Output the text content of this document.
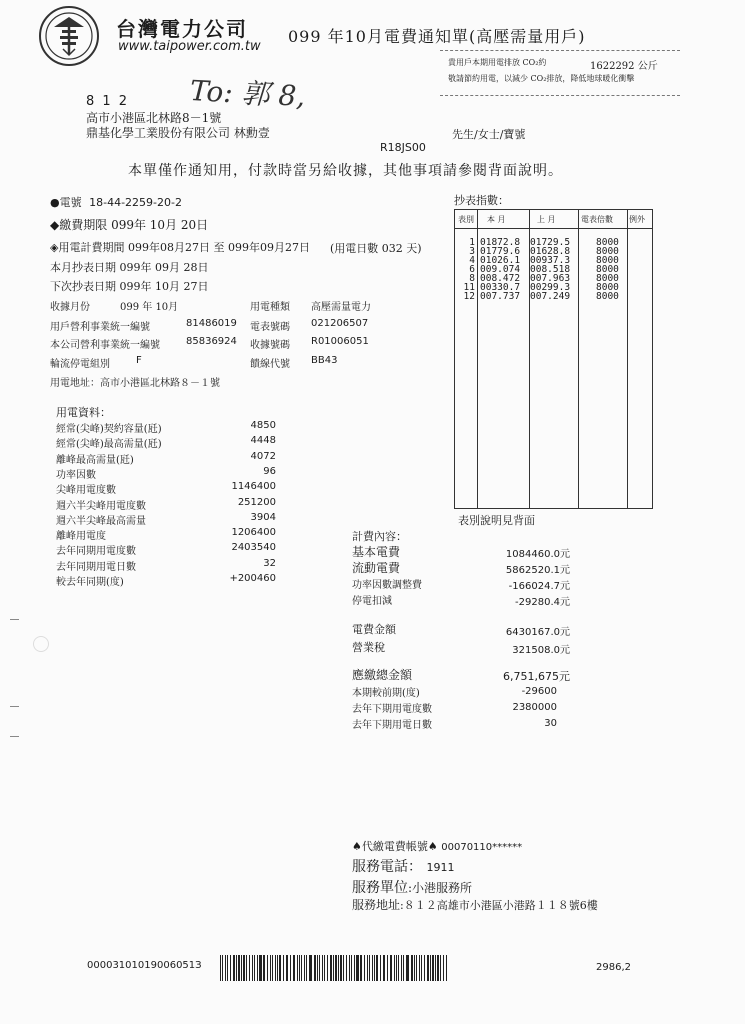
台灣電力公司
www.taipower.com.tw
099 年10月電費通知單(高壓需量用戶)
貴用戶本期用電排放 CO₂約	1622292 公斤
敬請節約用電，以減少 CO₂排放，降低地球暖化衝擊
To: 郭 8,
8 1 2
高市小港區北林路8－1號
鼎基化學工業股份有限公司 林勳壹	先生/女士/寶號
R18JS00
本單僅作通知用，付款時當另給收據，其他事項請參閱背面說明。
●電號 18-44-2259-20-2
◆繳費期限 099年 10月 20日
◈用電計費期間 099年08月27日 至 099年09月27日 (用電日數 032 天)
本月抄表日期 099年 09月 28日
下次抄表日期 099年 10月 27日
收據月份	099 年 10月	用電種類 高壓需量電力
用戶營利事業統一編號	81486019 電表號碼 021206507
本公司營利事業統一編號	85836924 收據號碼 R01006051
輪流停電組別	F	饋線代號 BB43
用電地址：高市小港區北林路８－１號
用電資料：
經常(尖峰)契約容量(瓩)	4850
經常(尖峰)最高需量(瓩)	4448
離峰最高需量(瓩)	4072
功率因數	96
尖峰用電度數	1146400
週六半尖峰用電度數	251200
週六半尖峰最高需量	3904
離峰用電度	1206400
去年同期用電度數	2403540
去年同期用電日數	32
較去年同期(度)	+200460
抄表指數：
表別 本 月	上 月	電表倍數 例外
1 01872.8 01729.5	8000
3 01779.6 01628.8	8000
4 01026.1 00937.3	8000
6 009.074 008.518	8000
8 008.472 007.963	8000
11 00330.7 00299.3	8000
12 007.737 007.249	8000
表別說明見背面
計費內容：
基本電費	1084460.0元
流動電費	5862520.1元
功率因數調整費	-166024.7元
停電扣減	-29280.4元
電費金額	6430167.0元
營業稅	321508.0元
應繳總金額	6,751,675元
本期較前期(度)	-29600
去年下期用電度數	2380000
去年下期用電日數	30
♠代繳電費帳號♠ 00070110******
服務電話： 1911
服務單位:小港服務所
服務地址:８１２高雄市小港區小港路１１８號6樓
00003101019006051З	2986,2
